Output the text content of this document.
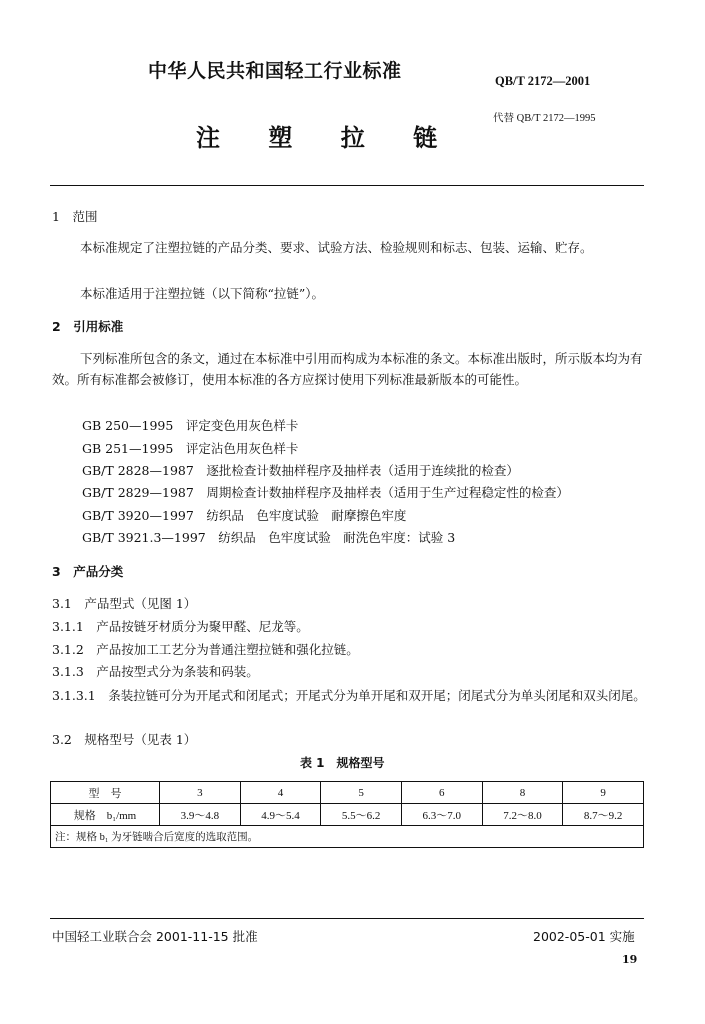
中华人民共和国轻工行业标准	QB/T 2172—2001
代替 QB/T 2172—1995
注 塑 拉 链
1　范围
本标准规定了注塑拉链的产品分类、要求、试验方法、检验规则和标志、包装、运输、贮存。
本标准适用于注塑拉链（以下简称“拉链”）。
2　引用标准
下列标准所包含的条文，通过在本标准中引用而构成为本标准的条文。本标准出版时，所示版本均为有效。所有标准都会被修订，使用本标准的各方应探讨使用下列标准最新版本的可能性。
GB 250—1995　评定变色用灰色样卡
GB 251—1995　评定沾色用灰色样卡
GB/T 2828—1987　逐批检查计数抽样程序及抽样表（适用于连续批的检查）
GB/T 2829—1987　周期检查计数抽样程序及抽样表（适用于生产过程稳定性的检查）
GB/T 3920—1997　纺织品　色牢度试验　耐摩擦色牢度
GB/T 3921.3—1997　纺织品　色牢度试验　耐洗色牢度：试验 3
3　产品分类
3.1　产品型式（见图 1）
3.1.1　产品按链牙材质分为聚甲醛、尼龙等。
3.1.2　产品按加工工艺分为普通注塑拉链和强化拉链。
3.1.3　产品按型式分为条装和码装。
3.1.3.1　条装拉链可分为开尾式和闭尾式；开尾式分为单开尾和双开尾；闭尾式分为单头闭尾和双头闭尾。
3.2　规格型号（见表 1）
表 1　规格型号
型　号	3	4	5	6	8	9
规格　b₁/mm	3.9～4.8	4.9～5.4	5.5～6.2	6.3～7.0	7.2～8.0	8.7～9.2
注：规格 b₁ 为牙链啮合后宽度的选取范围。						
中国轻工业联合会 2001-11-15 批准	2002-05-01 实施
19
